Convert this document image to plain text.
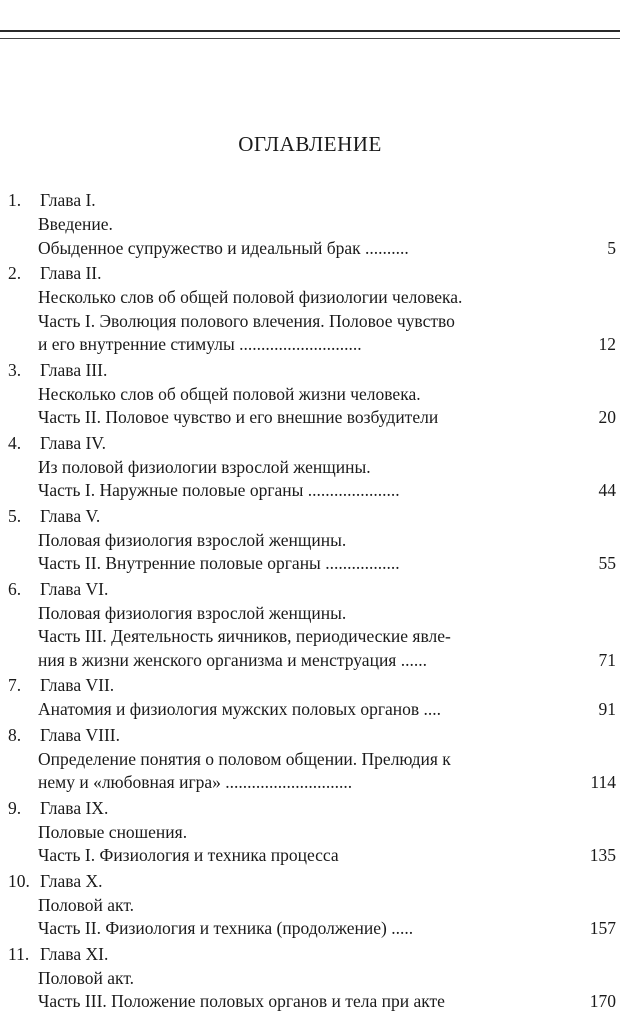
ОГЛАВЛЕНИЕ
1.	Глава I.
Введение.
Обыденное супружество и идеальный брак ..........	5
2.	Глава II.
Несколько слов об общей половой физиологии человека.
Часть I. Эволюция полового влечения. Половое чувство
и его внутренние стимулы ............................	12
3.	Глава III.
Несколько слов об общей половой жизни человека.
Часть II. Половое чувство и его внешние возбудители	20
4.	Глава IV.
Из половой физиологии взрослой женщины.
Часть I. Наружные половые органы .....................	44
5.	Глава V.
Половая физиология взрослой женщины.
Часть II. Внутренние половые органы .................	55
6.	Глава VI.
Половая физиология взрослой женщины.
Часть III. Деятельность яичников, периодические явле-
ния в жизни женского организма и менструация ......	71
7.	Глава VII.
Анатомия и физиология мужских половых органов ....	91
8.	Глава VIII.
Определение понятия о половом общении. Прелюдия к
нему и «любовная игра» .............................	114
9.	Глава IX.
Половые сношения.
Часть I. Физиология и техника процесса	135
10. Глава X.
Половой акт.
Часть II. Физиология и техника (продолжение) .....	157
11. Глава XI.
Половой акт.
Часть III. Положение половых органов и тела при акте	170
